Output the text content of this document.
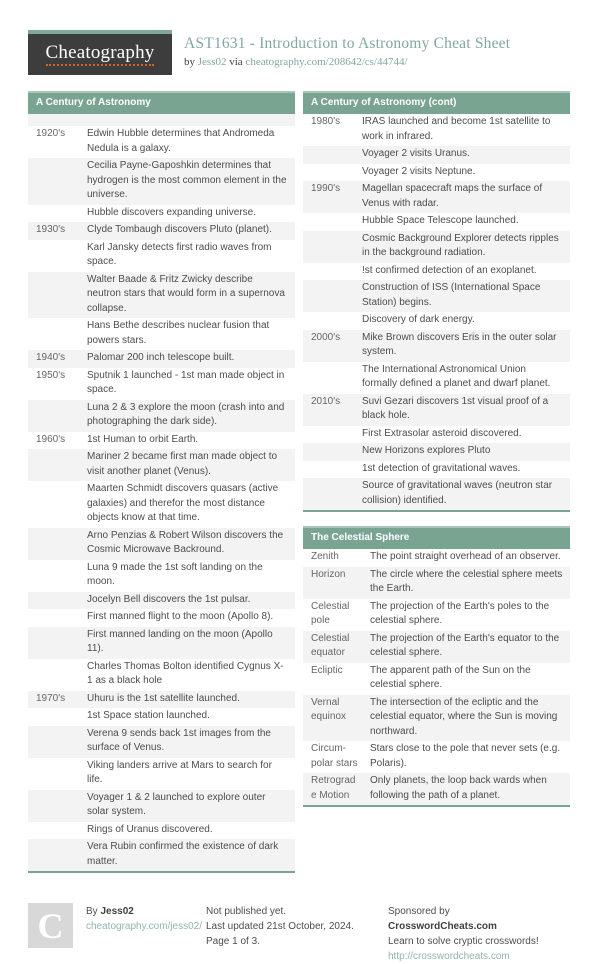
Cheatography AST1631 - Introduction to Astronomy Cheat Sheet

by Jess02 via cheatography.com/208642/cs/44744/

A Century of Astronomy

1920's	Edwin Hubble determines that Andromeda Nedula is a galaxy.
	Cecilia Payne-Gaposhkin determines that hydrogen is the most common element in the universe.
	Hubble discovers expanding universe.
1930's	Clyde Tombaugh discovers Pluto (planet).
	Karl Jansky detects first radio waves from space.
	Walter Baade & Fritz Zwicky describe neutron stars that would form in a supernova collapse.
	Hans Bethe describes nuclear fusion that powers stars.
1940's	Palomar 200 inch telescope built.
1950's	Sputnik 1 launched - 1st man made object in space.
	Luna 2 & 3 explore the moon (crash into and photographing the dark side).
1960's	1st Human to orbit Earth.
	Mariner 2 became first man made object to visit another planet (Venus).
	Maarten Schmidt discovers quasars (active galaxies) and therefor the most distance objects know at that time.
	Arno Penzias & Robert Wilson discovers the Cosmic Microwave Backround.
	Luna 9 made the 1st soft landing on the moon.
	Jocelyn Bell discovers the 1st pulsar.
	First manned flight to the moon (Apollo 8).
	First manned landing on the moon (Apollo 11).
	Charles Thomas Bolton identified Cygnus X-1 as a black hole
1970's	Uhuru is the 1st satellite launched.
	1st Space station launched.
	Verena 9 sends back 1st images from the surface of Venus.
	Viking landers arrive at Mars to search for life.
	Voyager 1 & 2 launched to explore outer solar system.
	Rings of Uranus discovered.
	Vera Rubin confirmed the existence of dark matter.
A Century of Astronomy (cont)
1980's	IRAS launched and become 1st satellite to work in infrared.
	Voyager 2 visits Uranus.
	Voyager 2 visits Neptune.
1990's	Magellan spacecraft maps the surface of Venus with radar.
	Hubble Space Telescope launched.
	Cosmic Background Explorer detects ripples in the background radiation.
	!st confirmed detection of an exoplanet.
	Construction of ISS (International Space Station) begins.
	Discovery of dark energy.
2000's	Mike Brown discovers Eris in the outer solar system.
	The International Astronomical Union formally defined a planet and dwarf planet.
2010's	Suvi Gezari discovers 1st visual proof of a black hole.
	First Extrasolar asteroid discovered.
	New Horizons explores Pluto
	1st detection of gravitational waves.
	Source of gravitational waves (neutron star collision) identified.
The Celestial Sphere
Zenith	The point straight overhead of an observer.
Horizon	The circle where the celestial sphere meets the Earth.
Celestial pole	The projection of the Earth's poles to the celestial sphere.
Celestial equator	The projection of the Earth's equator to the celestial sphere.
Ecliptic	The apparent path of the Sun on the celestial sphere.
Vernal equinox	The intersection of the ecliptic and the celestial equator, where the Sun is moving northward.
Circum-polar stars	Stars close to the pole that never sets (e.g. Polaris).
Retrograde Motion	Only planets, the loop back wards when following the path of a planet.
C By Jess02
cheatography.com/jess02/
Not published yet.
Last updated 21st October, 2024.
Page 1 of 3.
Sponsored by CrosswordCheats.com
Learn to solve cryptic crosswords!
http://crosswordcheats.com
